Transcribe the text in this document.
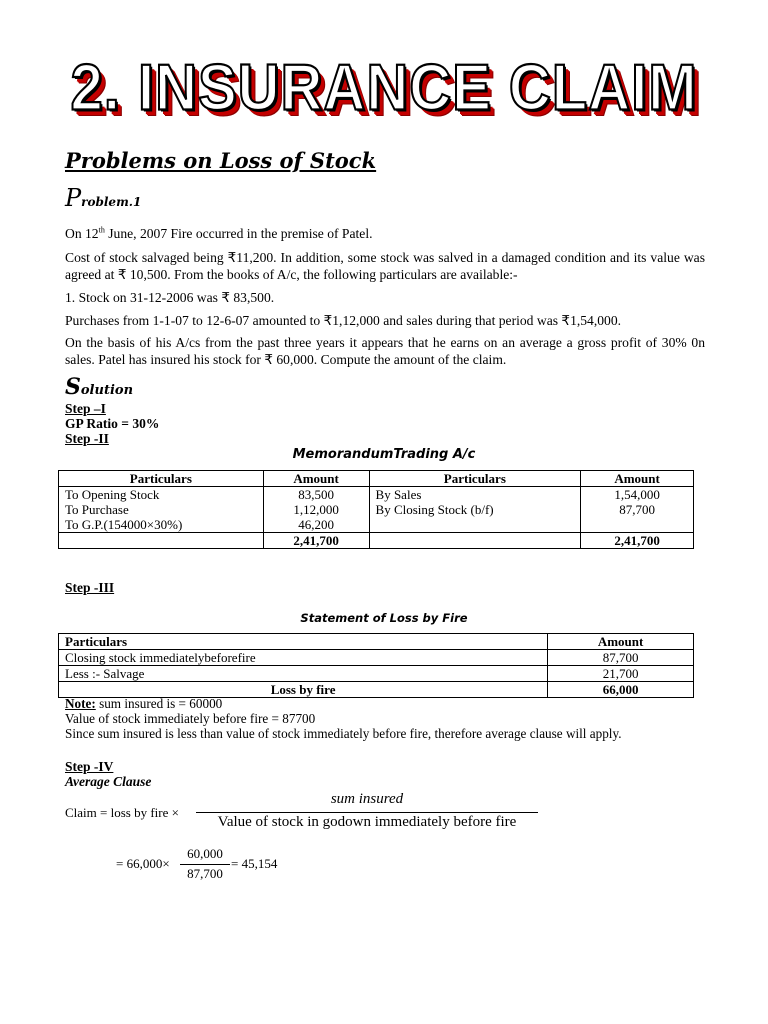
2. INSURANCE CLAIM
Problems on Loss of Stock
Problem.1
On 12th June, 2007 Fire occurred in the premise of Patel.
Cost of stock salvaged being ₹11,200. In addition, some stock was salved in a damaged condition and its value was agreed at ₹ 10,500. From the books of A/c, the following particulars are available:-
1. Stock on 31-12-2006 was ₹ 83,500.
Purchases from 1-1-07 to 12-6-07 amounted to ₹1,12,000 and sales during that period was ₹1,54,000.
On the basis of his A/cs from the past three years it appears that he earns on an average a gross profit of 30% 0n sales. Patel has insured his stock for ₹ 60,000. Compute the amount of the claim.
Solution
Step –I
GP Ratio = 30%
Step -II
MemorandumTrading A/c
Particulars	Amount	Particulars	Amount
To Opening Stock	83,500	By Sales	1,54,000
To Purchase	1,12,000	By Closing Stock (b/f)	87,700
To G.P.(154000×30%)	46,200		
	2,41,700		2,41,700
Step -III
Statement of Loss by Fire
Particulars	Amount
Closing stock immediatelybeforefire	87,700
Less :- Salvage	21,700
Loss by fire	66,000
Note: sum insured is = 60000
Value of stock immediately before fire = 87700
Since sum insured is less than value of stock immediately before fire, therefore average clause will apply.
Step -IV
Average Clause
Claim = loss by fire ×
sum insured
Value of stock in godown immediately before fire
= 66,000×
60,000
87,700
= 45,154
